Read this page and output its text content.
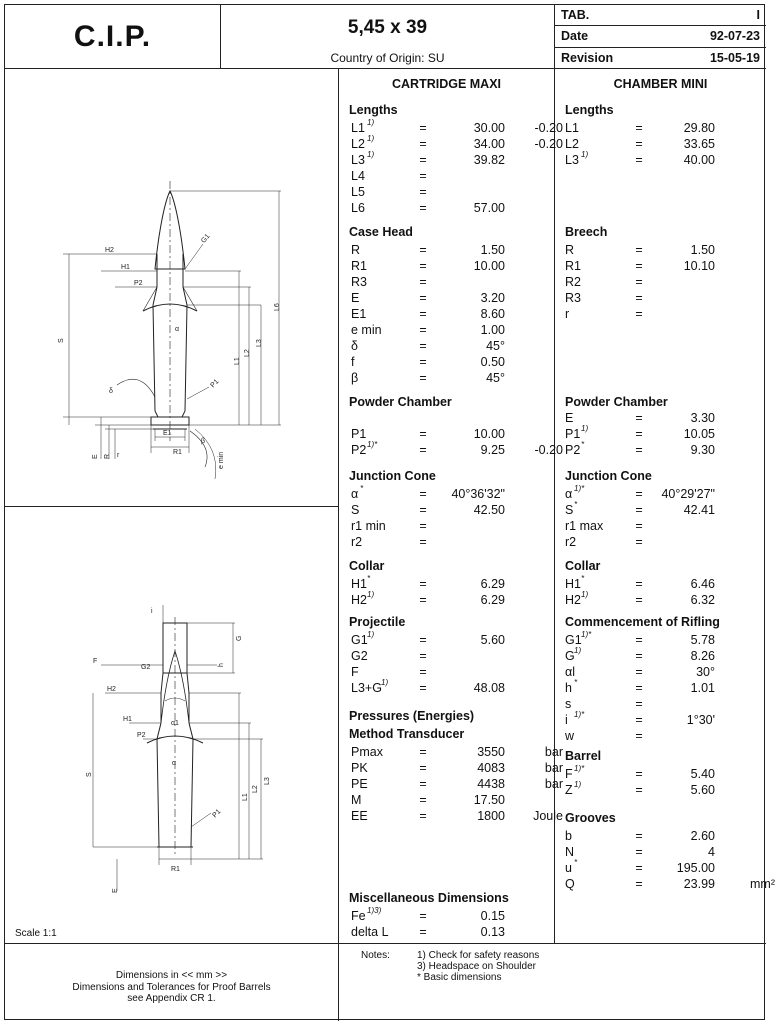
C.I.P.	5,45 x 39
Country of Origin: SU
TAB.	I
Date	92-07-23
Revision	15-05-19
H2
H1
P2
S
G1
L6
L3
L2
L1
P1
α
δ
E1
R1
β
E R	e min
r
F
G2
H2
H1
P2
S
G
h
α1
α
L3
L2
L1
P1
R1
E
i
Scale 1:1
CARTRIDGE MAXI
Lengths
L1 $^{1)}$	=	30.00 -0.20
L2 $^{1)}$	=	34.00 -0.20
L3 $^{1)}$	=	39.82
L4	=
L5	=
L6	=	57.00
Case Head
R	=	1.50
R1	=	10.00
R3	=
E	=	3.20
E1	=	8.60
e min	=	1.00
δ	=	45°
f	=	0.50
β	=	45°
Powder Chamber
P1	=	10.00
P2 $^{1)*}$	=	9.25 -0.20
Junction Cone
α *	= 40°36'32"
S	=	42.50
r1 min	=
r2	=
Collar
H1 *	=	6.29
H2 $^{1)}$	=	6.29
Projectile
G1 $^{1)}$	=	5.60
G2	=
F	=
L3+G $^{1)}$ =	48.08
Pressures (Energies)
Method Transducer
Pmax	=	3550	bar
PK	=	4083	bar
PE	=	4438	bar
M	=	17.50
EE	=	1800 Joule
Miscellaneous Dimensions
Fe $^{1)3)}$	=	0.15
delta L =	0.13
CHAMBER MINI
Lengths
L1	=	29.80
L2	=	33.65
L3 $^{1)}$	=	40.00
Breech
R	=	1.50
R1	=	10.10
R2	=
R3	=
r	=
Powder Chamber
E	=	3.30
P1 $^{1)}$	=	10.05
P2 *	=	9.30
Junction Cone
α $^{1)*}$	= 40°29'27"
S *	=	42.41
r1 max	=
r2	=
Collar
H1 *	=	6.46
H2 $^{1)}$	=	6.32
Commencement of Rifling
G1 $^{1)*}$	=	5.78
G $^{1)}$	=	8.26
αl	=	30°
h *	=	1.01
s	=
i $^{1)*}$	=	1°30'
w	=
Barrel
F $^{1)*}$	=	5.40
Z $^{1)}$	=	5.60
Grooves
b	=	2.60
N	=	4
u *	=	195.00
Q	=	23.99	mm²
Dimensions in << mm >>
Dimensions and Tolerances for Proof Barrels
see Appendix CR 1.
Notes:	1) Check for safety reasons
3) Headspace on Shoulder
* Basic dimensions
